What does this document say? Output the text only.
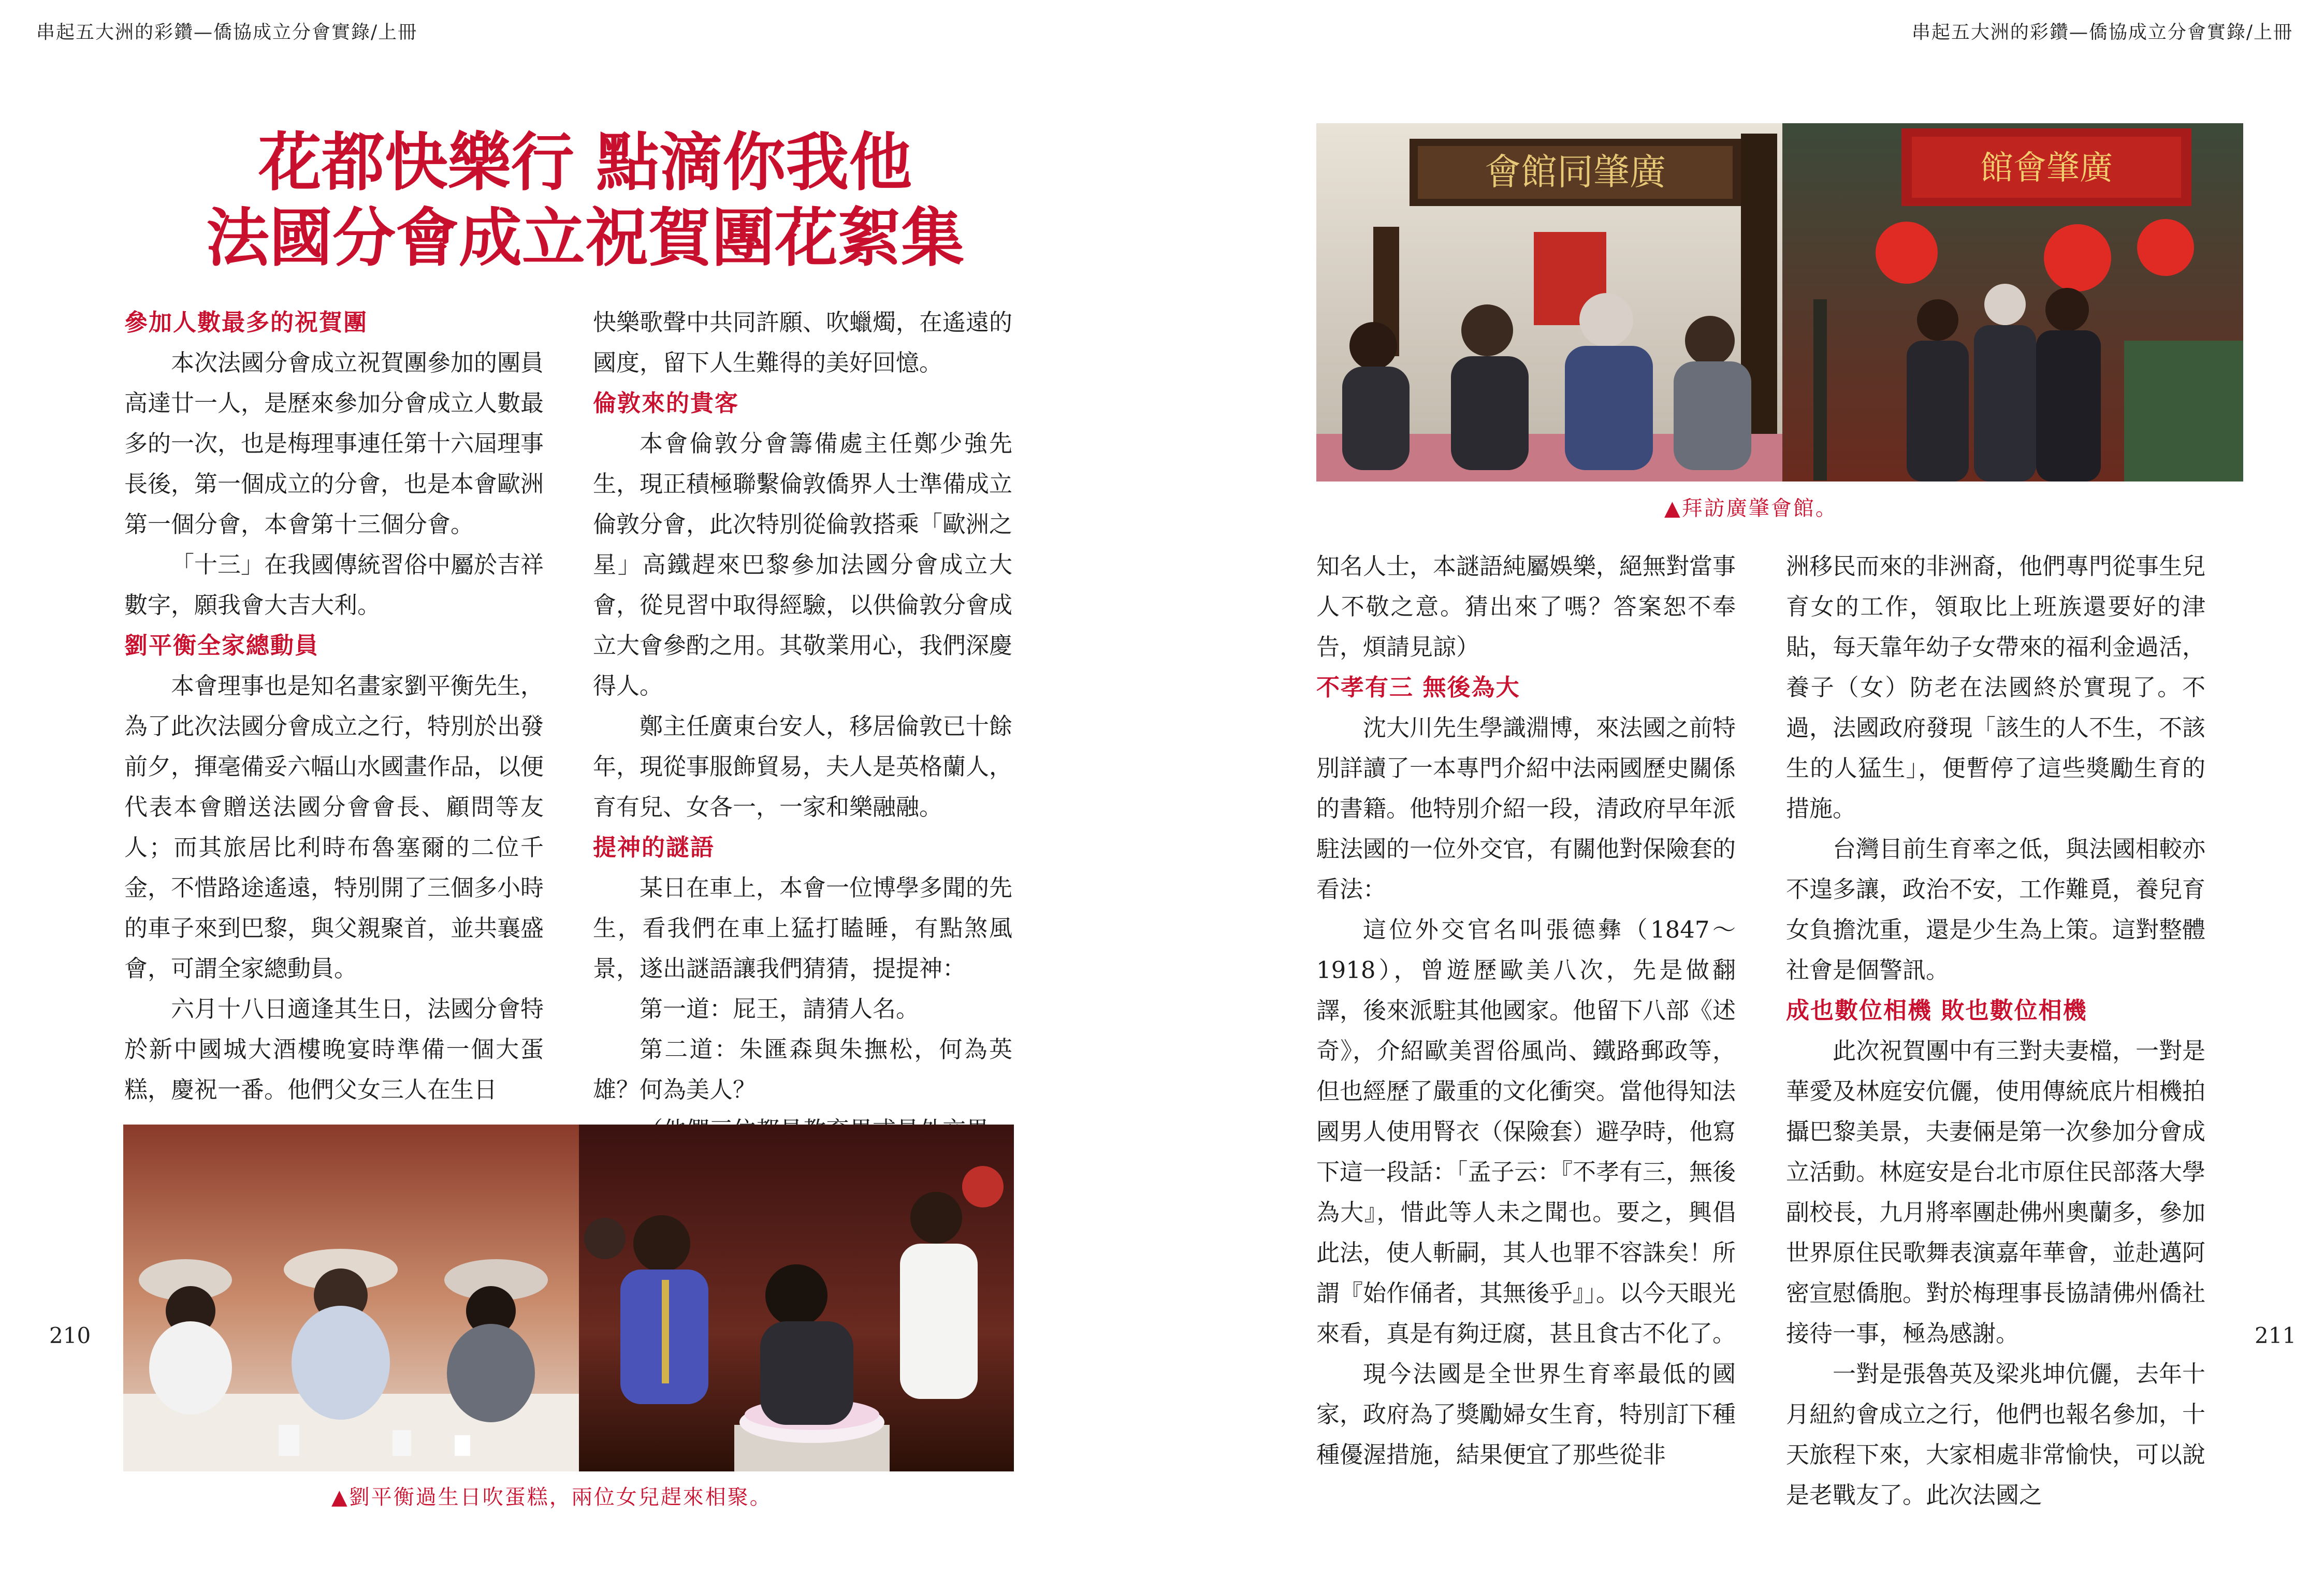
串起五大洲的彩鑽—僑協成立分會實錄/上冊
花都快樂行 點滴你我他
法國分會成立祝賀團花絮集
參加人數最多的祝賀團

本次法國分會成立祝賀團參加的團員高達廿一人，是歷來參加分會成立人數最多的一次，也是梅理事連任第十六屆理事長後，第一個成立的分會，也是本會歐洲第一個分會，本會第十三個分會。

「十三」在我國傳統習俗中屬於吉祥數字，願我會大吉大利。

劉平衡全家總動員

本會理事也是知名畫家劉平衡先生，為了此次法國分會成立之行，特別於出發前夕，揮毫備妥六幅山水國畫作品，以便代表本會贈送法國分會會長、顧問等友人；而其旅居比利時布魯塞爾的二位千金，不惜路途遙遠，特別開了三個多小時的車子來到巴黎，與父親聚首，並共襄盛會，可謂全家總動員。

六月十八日適逢其生日，法國分會特於新中國城大酒樓晚宴時準備一個大蛋糕，慶祝一番。他們父女三人在生日

快樂歌聲中共同許願、吹蠟燭，在遙遠的國度，留下人生難得的美好回憶。

倫敦來的貴客

本會倫敦分會籌備處主任鄭少強先生，現正積極聯繫倫敦僑界人士準備成立倫敦分會，此次特別從倫敦搭乘「歐洲之星」高鐵趕來巴黎參加法國分會成立大會，從見習中取得經驗，以供倫敦分會成立大會參酌之用。其敬業用心，我們深慶得人。

鄭主任廣東台安人，移居倫敦已十餘年，現從事服飾貿易，夫人是英格蘭人，育有兒、女各一，一家和樂融融。

提神的謎語

某日在車上，本會一位博學多聞的先生，看我們在車上猛打瞌睡，有點煞風景，遂出謎語讓我們猜猜，提提神：

第一道：屁王，請猜人名。

第二道：朱匯森與朱撫松，何為英雄？何為美人？

▲劉平衡過生日吹蛋糕，兩位女兒趕來相聚。
210
串起五大洲的彩鑽—僑協成立分會實錄/上冊
會館同肇廣	館會肇廣
▲拜訪廣肇會館。

知名人士，本謎語純屬娛樂，絕無對當事人不敬之意。猜出來了嗎？答案恕不奉告，煩請見諒）

不孝有三 無後為大

沈大川先生學識淵博，來法國之前特別詳讀了一本專門介紹中法兩國歷史關係的書籍。他特別介紹一段，清政府早年派駐法國的一位外交官，有關他對保險套的看法：

這位外交官名叫張德彝（1847～1918），曾遊歷歐美八次，先是做翻譯，後來派駐其他國家。他留下八部《述奇》，介紹歐美習俗風尚、鐵路郵政等，但也經歷了嚴重的文化衝突。當他得知法國男人使用腎衣（保險套）避孕時，他寫下這一段話：「孟子云：『不孝有三，無後為大』，惜此等人未之聞也。要之，興倡此法，使人斬嗣，其人也罪不容誅矣！所謂『始作俑者，其無後乎』」。以今天眼光來看，真是有夠迂腐，甚且食古不化了。

現今法國是全世界生育率最低的國家，政府為了獎勵婦女生育，特別訂下種種優渥措施，結果便宜了那些從非

洲移民而來的非洲裔，他們專門從事生兒育女的工作，領取比上班族還要好的津貼，每天靠年幼子女帶來的福利金過活，養子（女）防老在法國終於實現了。不過，法國政府發現「該生的人不生，不該生的人猛生」，便暫停了這些獎勵生育的措施。

台灣目前生育率之低，與法國相較亦不遑多讓，政治不安，工作難覓，養兒育女負擔沈重，還是少生為上策。這對整體社會是個警訊。

成也數位相機 敗也數位相機

此次祝賀團中有三對夫妻檔，一對是華愛及林庭安伉儷，使用傳統底片相機拍攝巴黎美景，夫妻倆是第一次參加分會成立活動。林庭安是台北市原住民部落大學副校長，九月將率團赴佛州奧蘭多，參加世界原住民歌舞表演嘉年華會，並赴邁阿密宣慰僑胞。對於梅理事長協請佛州僑社接待一事，極為感謝。

一對是張魯英及梁兆坤伉儷，去年十月紐約會成立之行，他們也報名參加，十天旅程下來，大家相處非常愉快，可以說是老戰友了。此次法國之

211
